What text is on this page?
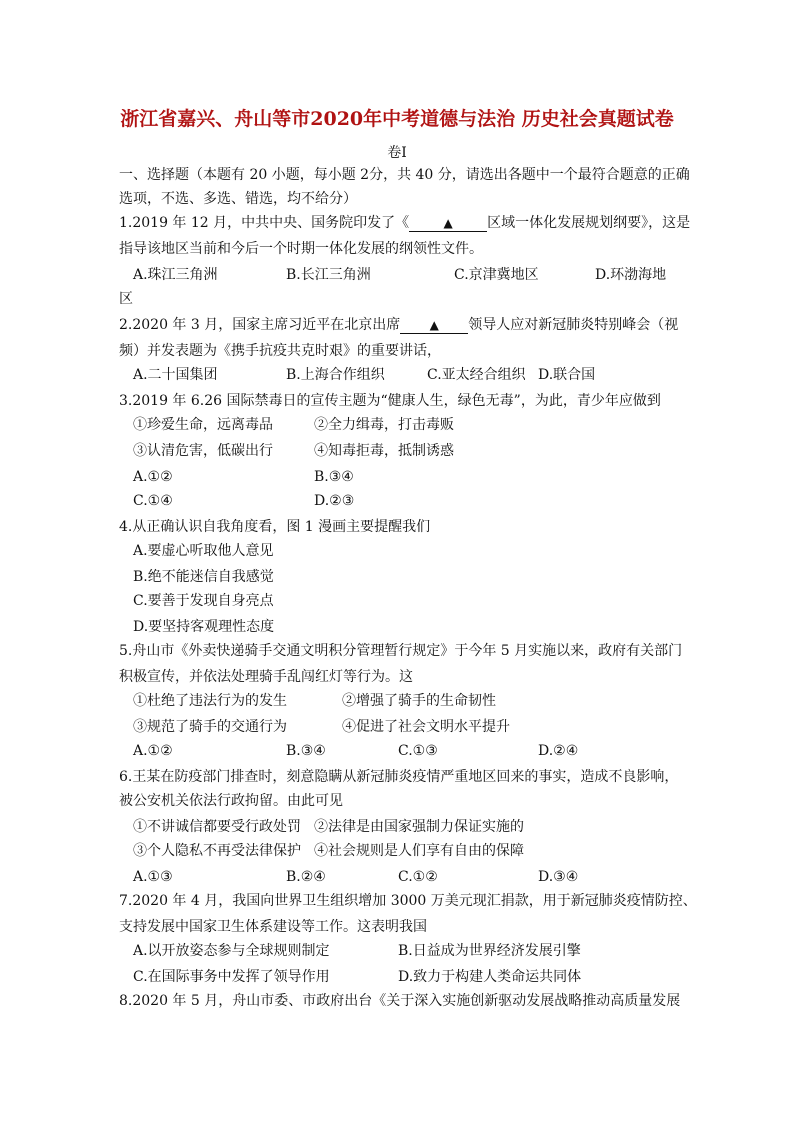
浙江省嘉兴、舟山等市2020年中考道德与法治 历史社会真题试卷
卷Ⅰ
一、选择题（本题有 20 小题，每小题 2分，共 40 分，请选出各题中一个最符合题意的正确
选项，不选、多选、错选，均不给分）
1.2019 年 12 月，中共中央、国务院印发了《	▲ 区域一体化发展规划纲要》，这是
指导该地区当前和今后一个时期一体化发展的纲领性文件。
A.珠江三角洲	B.长江三角洲	C.京津冀地区	D.环渤海地
区
2.2020 年 3 月，国家主席习近平在北京出席 ▲ 领导人应对新冠肺炎特别峰会（视
频）并发表题为《携手抗疫共克时艰》的重要讲话，
A.二十国集团	B.上海合作组织	C.亚太经合组织 D.联合国
3.2019 年 6.26 国际禁毒日的宣传主题为“健康人生，绿色无毒”，为此，青少年应做到
①珍爱生命，远离毒品	②全力缉毒，打击毒贩
③认清危害，低碳出行	④知毒拒毒，抵制诱惑
A.①②	B.③④
C.①④	D.②③
4.从正确认识自我角度看，图 1 漫画主要提醒我们
A.要虚心听取他人意见
B.绝不能迷信自我感觉
C.要善于发现自身亮点
D.要坚持客观理性态度
5.舟山市《外卖快递骑手交通文明积分管理暂行规定》于今年 5 月实施以来，政府有关部门
积极宣传，并依法处理骑手乱闯红灯等行为。这
①杜绝了违法行为的发生	②增强了骑手的生命韧性
③规范了骑手的交通行为	④促进了社会文明水平提升
A.①②	B.③④	C.①③	D.②④
6.王某在防疫部门排查时，刻意隐瞒从新冠肺炎疫情严重地区回来的事实，造成不良影响，
被公安机关依法行政拘留。由此可见
①不讲诚信都要受行政处罚 ②法律是由国家强制力保证实施的
③个人隐私不再受法律保护 ④社会规则是人们享有自由的保障
A.①③	B.②④	C.①②	D.③④
7.2020 年 4 月，我国向世界卫生组织增加 3000 万美元现汇捐款，用于新冠肺炎疫情防控、
支持发展中国家卫生体系建设等工作。这表明我国
A.以开放姿态参与全球规则制定	B.日益成为世界经济发展引擎
C.在国际事务中发挥了领导作用	D.致力于构建人类命运共同体
8.2020 年 5 月，舟山市委、市政府出台《关于深入实施创新驱动发展战略推动高质量发展
